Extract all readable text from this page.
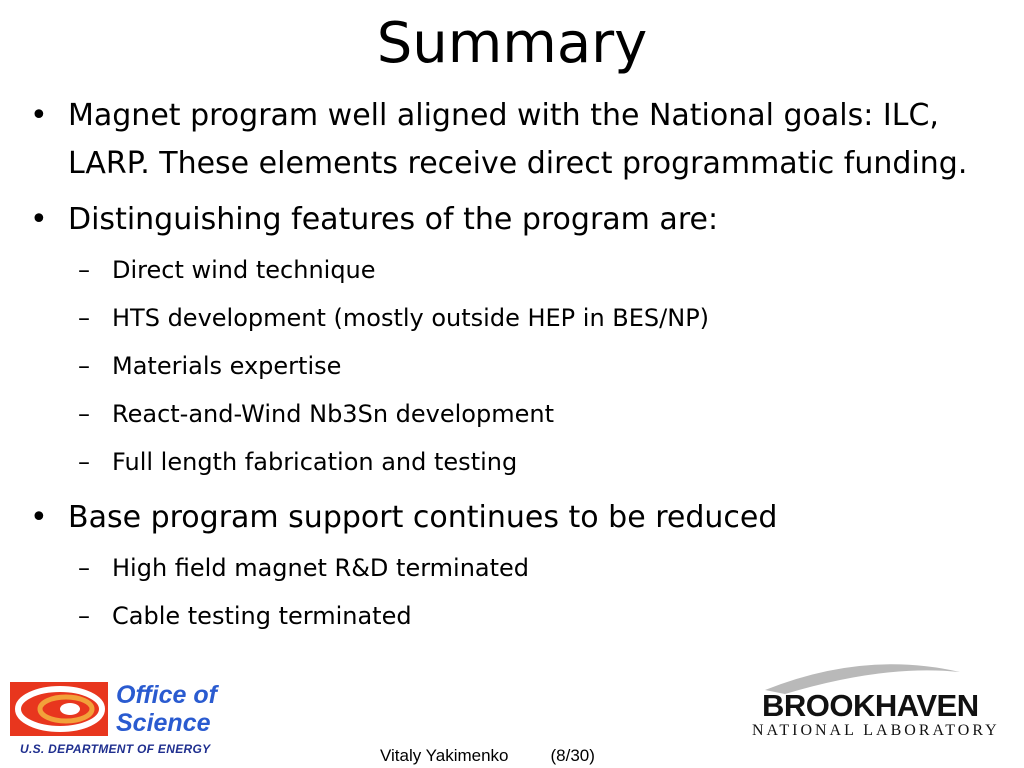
Summary
• Magnet program well aligned with the National goals: ILC, LARP. These elements receive direct programmatic funding.
• Distinguishing features of the program are:
– Direct wind technique
– HTS development (mostly outside HEP in BES/NP)
– Materials expertise
– React-and-Wind Nb3Sn development
– Full length fabrication and testing
• Base program support continues to be reduced
– High field magnet R&D terminated
– Cable testing terminated
Office of
Science
U.S. DEPARTMENT OF ENERGY	Vitaly Yakimenko (8/30)
BROOKHAVEN
NATIONAL LABORATORY
